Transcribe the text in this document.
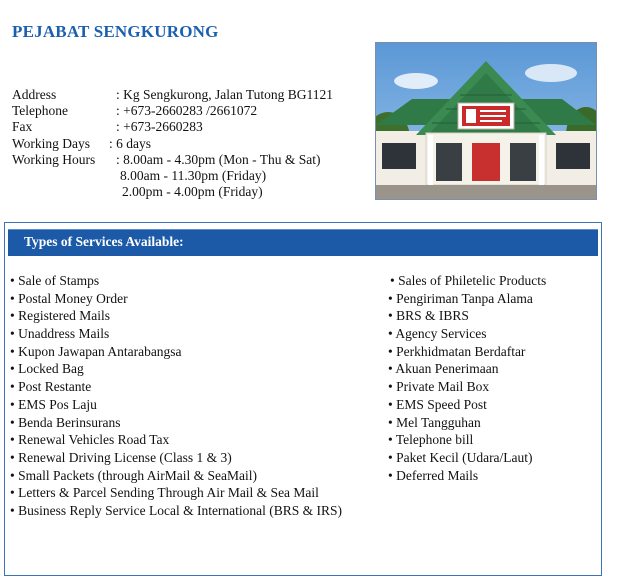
PEJABAT SENGKURONG
Address	: Kg Sengkurong, Jalan Tutong BG1121
Telephone	: +673-2660283 /2661072
Fax	: +673-2660283
Working Days : 6 days
Working Hours : 8.00am - 4.30pm (Mon - Thu & Sat)
8.00am - 11.30pm (Friday)
2.00pm - 4.00pm (Friday)
Types of Services Available:
• Sale of Stamps
• Postal Money Order
• Registered Mails
• Unaddress Mails
• Kupon Jawapan Antarabangsa
• Locked Bag
• Post Restante
• EMS Pos Laju
• Benda Berinsurans
• Renewal Vehicles Road Tax
• Renewal Driving License (Class 1 & 3)
• Small Packets (through AirMail & SeaMail)
• Letters & Parcel Sending Through Air Mail & Sea Mail
• Business Reply Service Local & International (BRS & IRS)
• Sales of Philetelic Products
• Pengiriman Tanpa Alama
• BRS & IBRS
• Agency Services
• Perkhidmatan Berdaftar
• Akuan Penerimaan
• Private Mail Box
• EMS Speed Post
• Mel Tangguhan
• Telephone bill
• Paket Kecil (Udara/Laut)
• Deferred Mails
